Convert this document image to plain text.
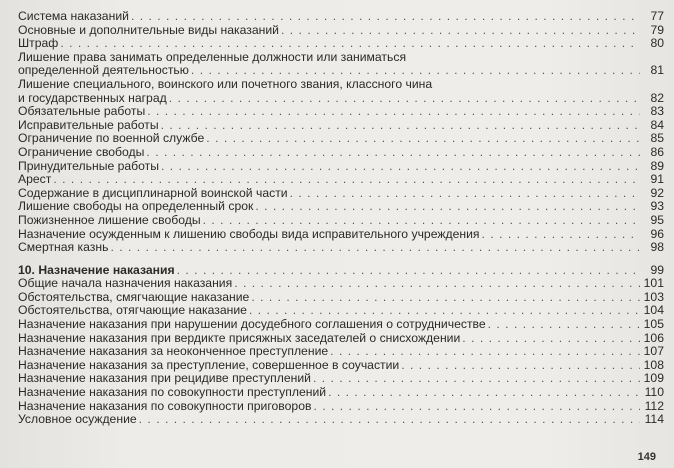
Система наказаний . . .	77
Основные и дополнительные виды наказаний . . .	79
Штраф . . .	80
Лишение права занимать определенные должности или заниматься
определенной деятельностью . . .	81
Лишение специального, воинского или почетного звания, классного чина
и государственных наград . . .	82
Обязательные работы . . .	83
Исправительные работы . . .	84
Ограничение по военной службе . . .	85
Ограничение свободы . . .	86
Принудительные работы . . .	89
Арест . . .	91
Содержание в дисциплинарной воинской части . . .	92
Лишение свободы на определенный срок . . .	93
Пожизненное лишение свободы . . .	95
Назначение осужденным к лишению свободы вида исправительного учреждения . . .	96
Смертная казнь . . .	98
10. Назначение наказания . . .	99
Общие начала назначения наказания . . .	101
Обстоятельства, смягчающие наказание . . .	103
Обстоятельства, отягчающие наказание . . .	104
Назначение наказания при нарушении досудебного соглашения о сотрудничестве . . .	105
Назначение наказания при вердикте присяжных заседателей о снисхождении . . .	106
Назначение наказания за неоконченное преступление . . .	107
Назначение наказания за преступление, совершенное в соучастии . . .	108
Назначение наказания при рецидиве преступлений . . .	109
Назначение наказания по совокупности преступлений . . .	110
Назначение наказания по совокупности приговоров . . .	112
Условное осуждение . . .	114
149
